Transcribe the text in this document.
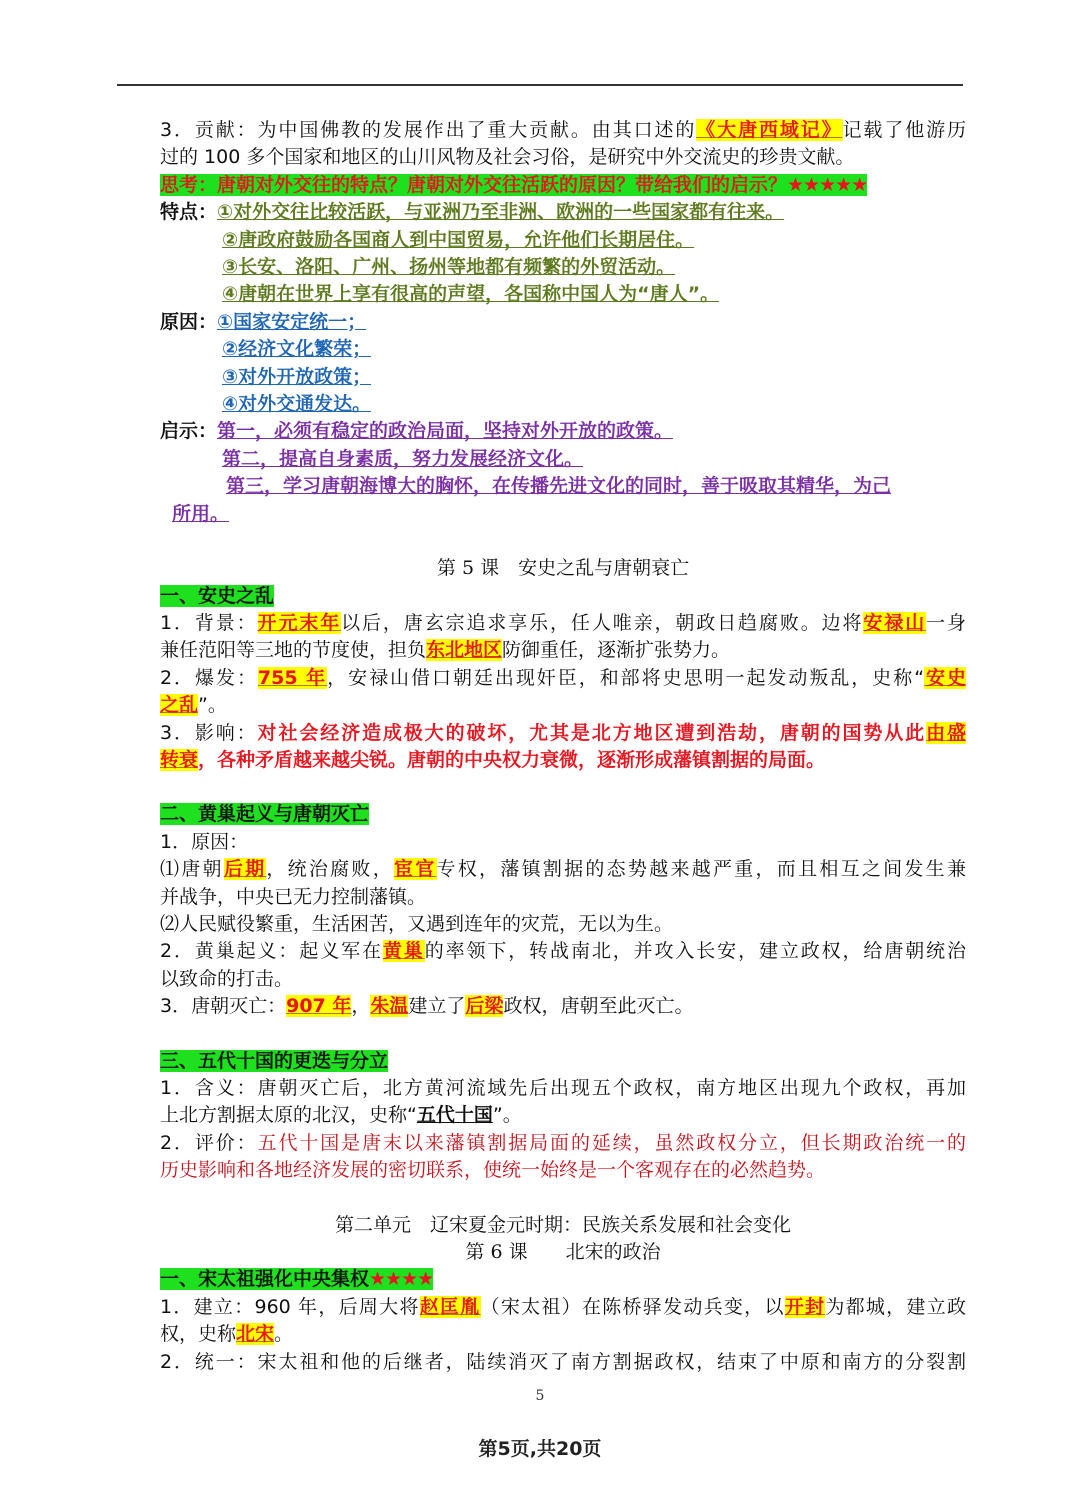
3．贡献：为中国佛教的发展作出了重大贡献。由其口述的《大唐西域记》记载了他游历
过的 100 多个国家和地区的山川风物及社会习俗，是研究中外交流史的珍贵文献。
思考：唐朝对外交往的特点？唐朝对外交往活跃的原因？带给我们的启示？★★★★★
特点：①对外交往比较活跃，与亚洲乃至非洲、欧洲的一些国家都有往来。
②唐政府鼓励各国商人到中国贸易，允许他们长期居住。
③长安、洛阳、广州、扬州等地都有频繁的外贸活动。
④唐朝在世界上享有很高的声望，各国称中国人为“唐人”。
原因：①国家安定统一；
②经济文化繁荣；
③对外开放政策；
④对外交通发达。
启示：第一，必须有稳定的政治局面，坚持对外开放的政策。
第二，提高自身素质，努力发展经济文化。
第三，学习唐朝海博大的胸怀，在传播先进文化的同时，善于吸取其精华，为己
所用。
第 5 课　安史之乱与唐朝衰亡
一、安史之乱
1．背景：开元末年以后，唐玄宗追求享乐，任人唯亲，朝政日趋腐败。边将安禄山一身
兼任范阳等三地的节度使，担负东北地区防御重任，逐渐扩张势力。
2．爆发：755 年，安禄山借口朝廷出现奸臣，和部将史思明一起发动叛乱，史称“安史
之乱”。
3．影响：对社会经济造成极大的破坏，尤其是北方地区遭到浩劫，唐朝的国势从此由盛
转衰，各种矛盾越来越尖锐。唐朝的中央权力衰微，逐渐形成藩镇割据的局面。
二、黄巢起义与唐朝灭亡
1．原因：
⑴唐朝后期，统治腐败，宦官专权，藩镇割据的态势越来越严重，而且相互之间发生兼
并战争，中央已无力控制藩镇。
⑵人民赋役繁重，生活困苦，又遇到连年的灾荒，无以为生。
2．黄巢起义：起义军在黄巢的率领下，转战南北，并攻入长安，建立政权，给唐朝统治
以致命的打击。
3．唐朝灭亡：907 年，朱温建立了后梁政权，唐朝至此灭亡。
三、五代十国的更迭与分立
1．含义：唐朝灭亡后，北方黄河流域先后出现五个政权，南方地区出现九个政权，再加
上北方割据太原的北汉，史称“五代十国”。
2．评价：五代十国是唐末以来藩镇割据局面的延续，虽然政权分立，但长期政治统一的
历史影响和各地经济发展的密切联系，使统一始终是一个客观存在的必然趋势。
第二单元　辽宋夏金元时期：民族关系发展和社会变化
第 6 课　　北宋的政治
一、宋太祖强化中央集权★★★★
1．建立：960 年，后周大将赵匡胤（宋太祖）在陈桥驿发动兵变，以开封为都城，建立政
权，史称北宋。
2．统一：宋太祖和他的后继者，陆续消灭了南方割据政权，结束了中原和南方的分裂割
5
第5页,共20页
